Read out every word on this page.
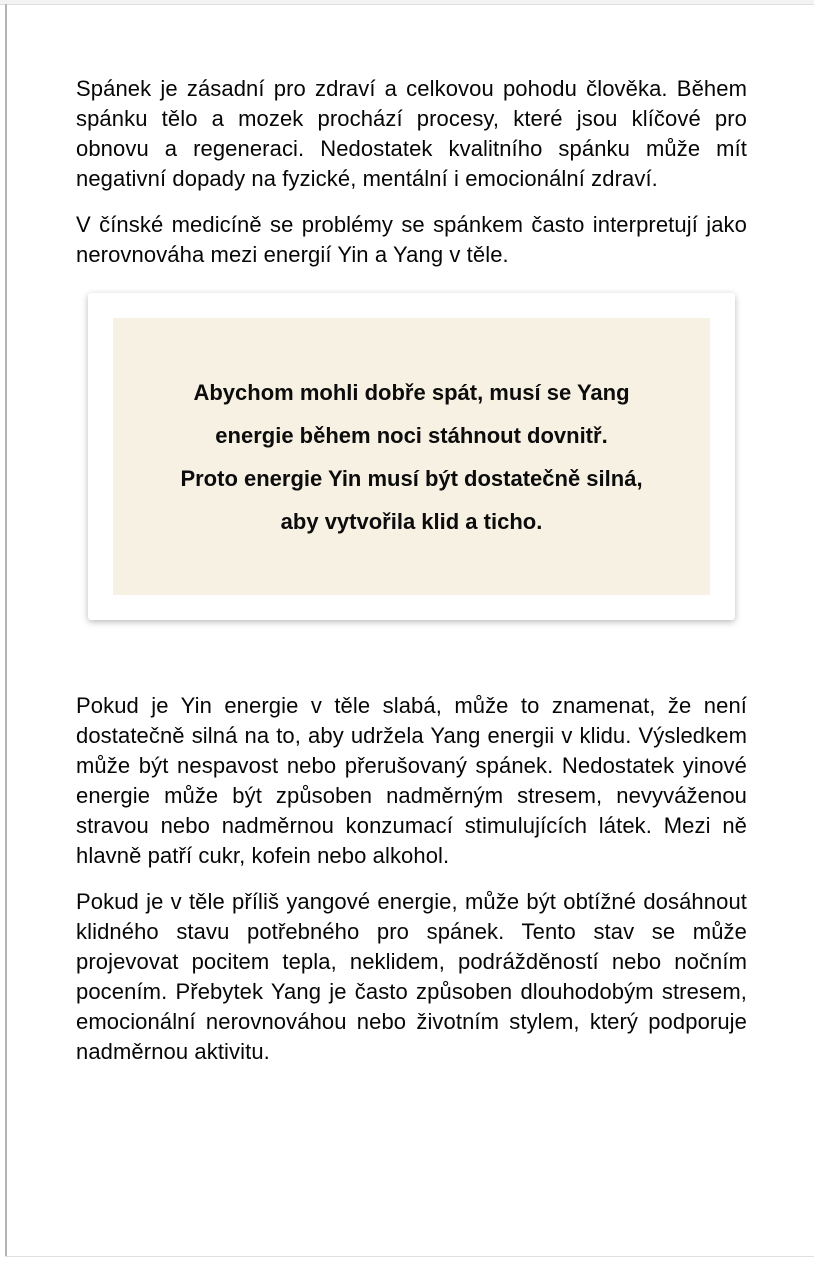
Spánek je zásadní pro zdraví a celkovou pohodu člověka. Během spánku tělo a mozek prochází procesy, které jsou klíčové pro obnovu a regeneraci. Nedostatek kvalitního spánku může mít negativní dopady na fyzické, mentální i emocionální zdraví.

V čínské medicíně se problémy se spánkem často interpretují jako nerovnováha mezi energií Yin a Yang v těle.

Abychom mohli dobře spát, musí se Yang
energie během noci stáhnout dovnitř.
Proto energie Yin musí být dostatečně silná,
aby vytvořila klid a ticho.

Pokud je Yin energie v těle slabá, může to znamenat, že není dostatečně silná na to, aby udržela Yang energii v klidu. Výsledkem může být nespavost nebo přerušovaný spánek. Nedostatek yinové energie může být způsoben nadměrným stresem, nevyváženou stravou nebo nadměrnou konzumací stimulujících látek. Mezi ně hlavně patří cukr, kofein nebo alkohol.

Pokud je v těle příliš yangové energie, může být obtížné dosáhnout klidného stavu potřebného pro spánek. Tento stav se může projevovat pocitem tepla, neklidem, podrážděností nebo nočním pocením. Přebytek Yang je často způsoben dlouhodobým stresem, emocionální nerovnováhou nebo životním stylem, který podporuje nadměrnou aktivitu.
